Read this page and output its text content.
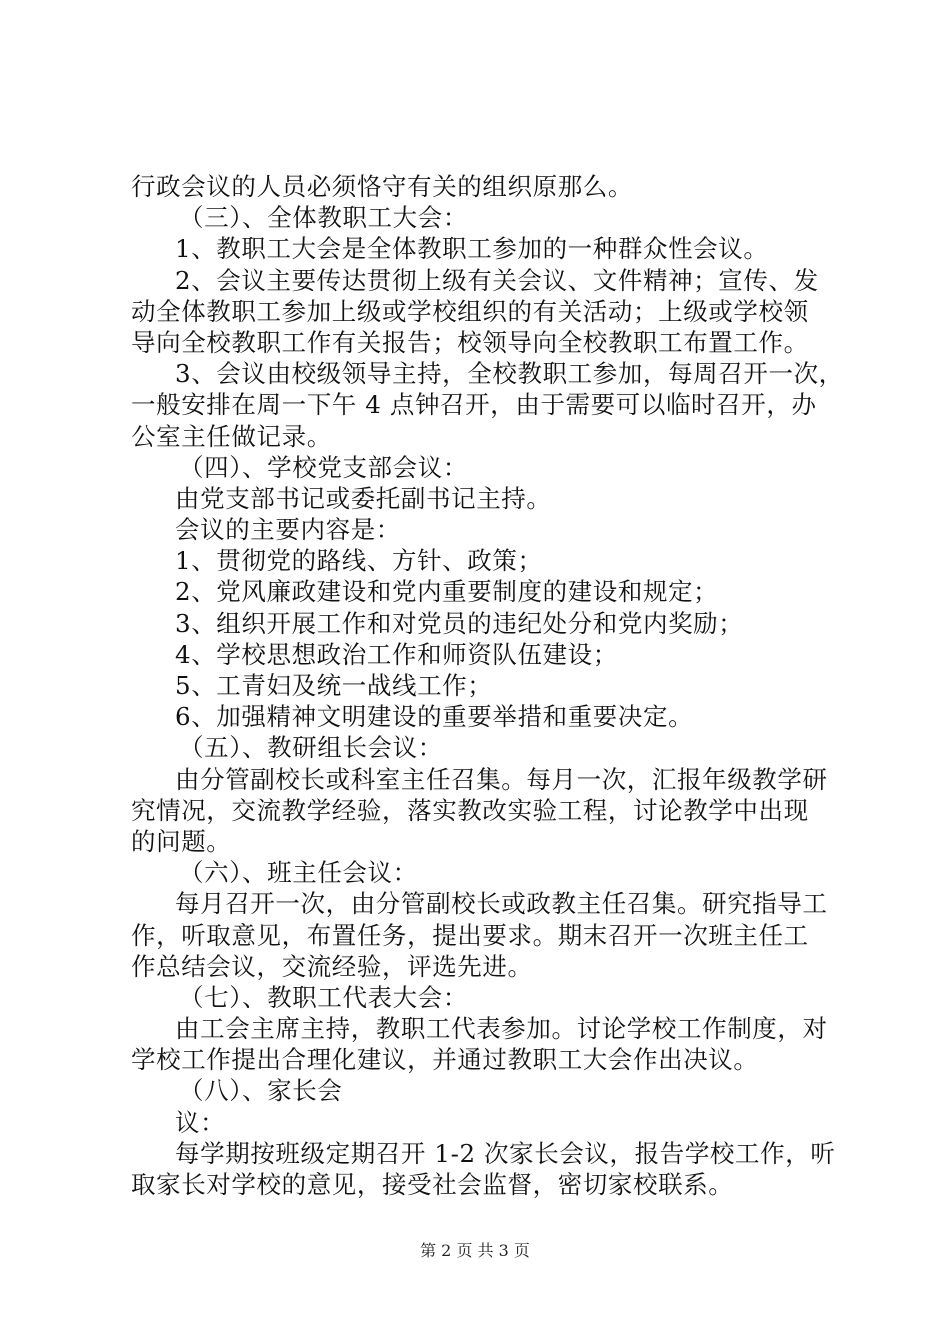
行政会议的人员必须恪守有关的组织原那么。
（三）、全体教职工大会：
1、教职工大会是全体教职工参加的一种群众性会议。
2、会议主要传达贯彻上级有关会议、文件精神；宣传、发
动全体教职工参加上级或学校组织的有关活动；上级或学校领
导向全校教职工作有关报告；校领导向全校教职工布置工作。
3、会议由校级领导主持，全校教职工参加，每周召开一次，
一般安排在周一下午 4 点钟召开，由于需要可以临时召开，办
公室主任做记录。
（四）、学校党支部会议：
由党支部书记或委托副书记主持。
会议的主要内容是：
1、贯彻党的路线、方针、政策；
2、党风廉政建设和党内重要制度的建设和规定；
3、组织开展工作和对党员的违纪处分和党内奖励；
4、学校思想政治工作和师资队伍建设；
5、工青妇及统一战线工作；
6、加强精神文明建设的重要举措和重要决定。
（五）、教研组长会议：
由分管副校长或科室主任召集。每月一次，汇报年级教学研
究情况，交流教学经验，落实教改实验工程，讨论教学中出现
的问题。
（六）、班主任会议：
每月召开一次，由分管副校长或政教主任召集。研究指导工
作，听取意见，布置任务，提出要求。期末召开一次班主任工
作总结会议，交流经验，评选先进。
（七）、教职工代表大会：
由工会主席主持，教职工代表参加。讨论学校工作制度，对
学校工作提出合理化建议，并通过教职工大会作出决议。
（八）、家长会
议：
每学期按班级定期召开 1-2 次家长会议，报告学校工作，听
取家长对学校的意见，接受社会监督，密切家校联系。
第 2 页 共 3 页
